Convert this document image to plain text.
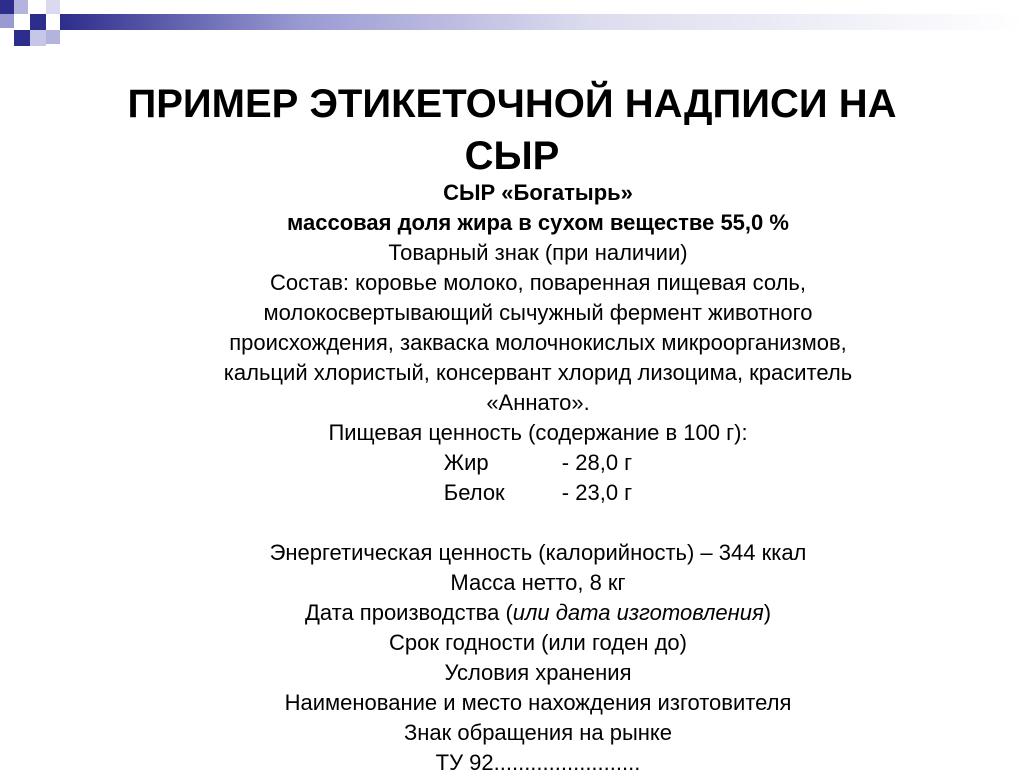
ПРИМЕР ЭТИКЕТОЧНОЙ НАДПИСИ НА
СЫР
СЫР «Богатырь»
массовая доля жира в сухом веществе 55,0 %
Товарный знак (при наличии)
Состав: коровье молоко, поваренная пищевая соль,
молокосвертывающий сычужный фермент животного
происхождения, закваска молочнокислых микроорганизмов,
кальций хлористый, консервант хлорид лизоцима, краситель
«Аннато».
Пищевая ценность (содержание в 100 г):
Жир	- 28,0 г
Белок	- 23,0 г
Энергетическая ценность (калорийность) – 344 ккал
Масса нетто, 8 кг
Дата производства (или дата изготовления)
Срок годности (или годен до)
Условия хранения
Наименование и место нахождения изготовителя
Знак обращения на рынке
ТУ 92........................
